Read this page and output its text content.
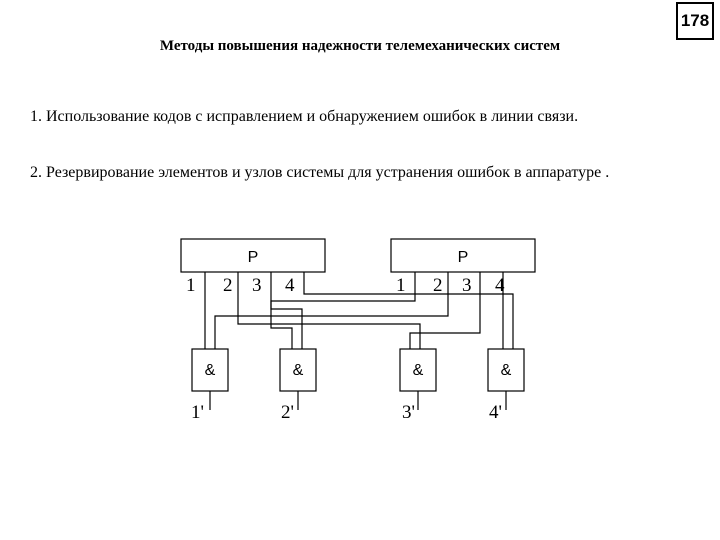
178
Методы повышения надежности телемеханических систем
1. Использование кодов с исправлением и обнаружением ошибок в линии связи.
2. Резервирование элементов и узлов системы для устранения ошибок в аппаратуре .
P	P
1 2 3 4	1 2 3 4
&	&	&	&
1'	2'	3'	4'
